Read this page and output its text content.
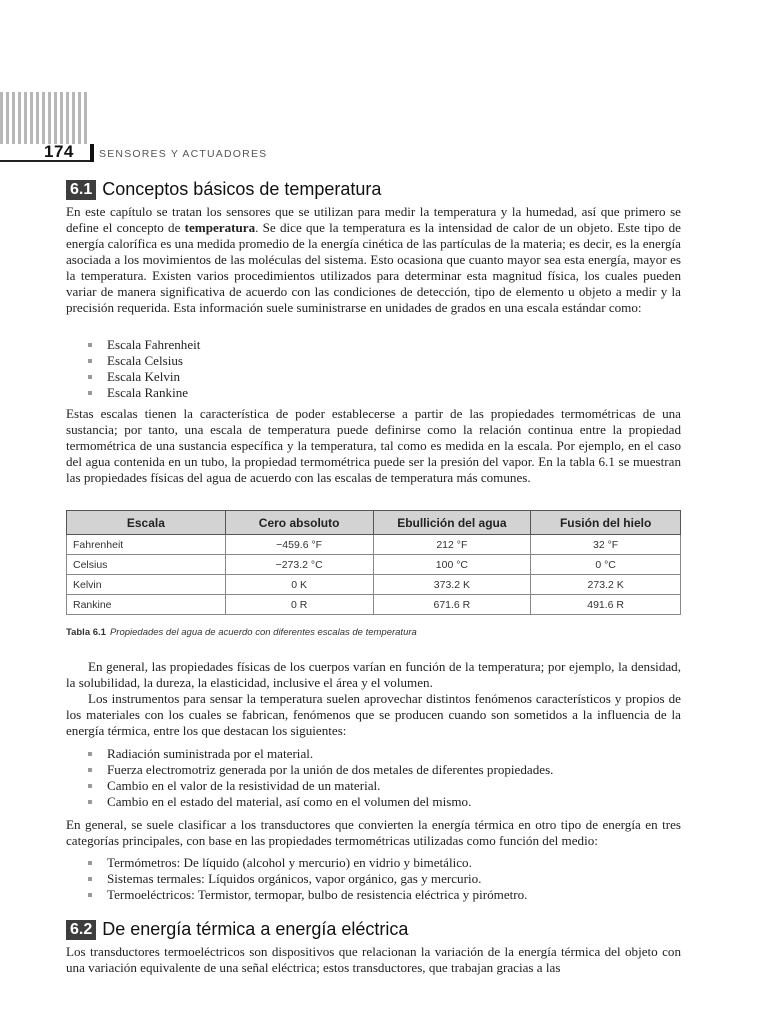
174 SENSORES Y ACTUADORES
6.1 Conceptos básicos de temperatura

En este capítulo se tratan los sensores que se utilizan para medir la temperatura y la humedad, así que primero se define el concepto de temperatura. Se dice que la temperatura es la intensidad de calor de un objeto. Este tipo de energía calorífica es una medida promedio de la energía cinética de las partículas de la materia; es decir, es la energía asociada a los movimientos de las moléculas del sistema. Esto ocasiona que cuanto mayor sea esta energía, mayor es la temperatura. Existen varios procedimientos utilizados para determinar esta magnitud física, los cuales pueden variar de manera significativa de acuerdo con las condiciones de detección, tipo de elemento u objeto a medir y la precisión requerida. Esta información suele suministrarse en unidades de grados en una escala estándar como:

Escala Fahrenheit
Escala Celsius
Escala Kelvin
Escala Rankine

Estas escalas tienen la característica de poder establecerse a partir de las propiedades termométricas de una sustancia; por tanto, una escala de temperatura puede definirse como la relación continua entre la propiedad termométrica de una sustancia específica y la temperatura, tal como es medida en la escala. Por ejemplo, en el caso del agua contenida en un tubo, la propiedad termométrica puede ser la presión del vapor. En la tabla 6.1 se muestran las propiedades físicas del agua de acuerdo con las escalas de temperatura más comunes.

Escala	Cero absoluto	Ebullición del agua	Fusión del hielo
Fahrenheit	−459.6 °F	212 °F	32 °F
Celsius	−273.2 °C	100 °C	0 °C
Kelvin	0 K	373.2 K	273.2 K
Rankine	0 R	671.6 R	491.6 R
Tabla 6.1 Propiedades del agua de acuerdo con diferentes escalas de temperatura

En general, las propiedades físicas de los cuerpos varían en función de la temperatura; por ejemplo, la densidad, la solubilidad, la dureza, la elasticidad, inclusive el área y el volumen.

Los instrumentos para sensar la temperatura suelen aprovechar distintos fenómenos característicos y propios de los materiales con los cuales se fabrican, fenómenos que se producen cuando son sometidos a la influencia de la energía térmica, entre los que destacan los siguientes:

Radiación suministrada por el material.
Fuerza electromotriz generada por la unión de dos metales de diferentes propiedades.
Cambio en el valor de la resistividad de un material.
Cambio en el estado del material, así como en el volumen del mismo.

En general, se suele clasificar a los transductores que convierten la energía térmica en otro tipo de energía en tres categorías principales, con base en las propiedades termométricas utilizadas como función del medio:

Termómetros: De líquido (alcohol y mercurio) en vidrio y bimetálico.
Sistemas termales: Líquidos orgánicos, vapor orgánico, gas y mercurio.
Termoeléctricos: Termistor, termopar, bulbo de resistencia eléctrica y pirómetro.
6.2 De energía térmica a energía eléctrica

Los transductores termoeléctricos son dispositivos que relacionan la variación de la energía térmica del objeto con una variación equivalente de una señal eléctrica; estos transductores, que trabajan gracias a las
